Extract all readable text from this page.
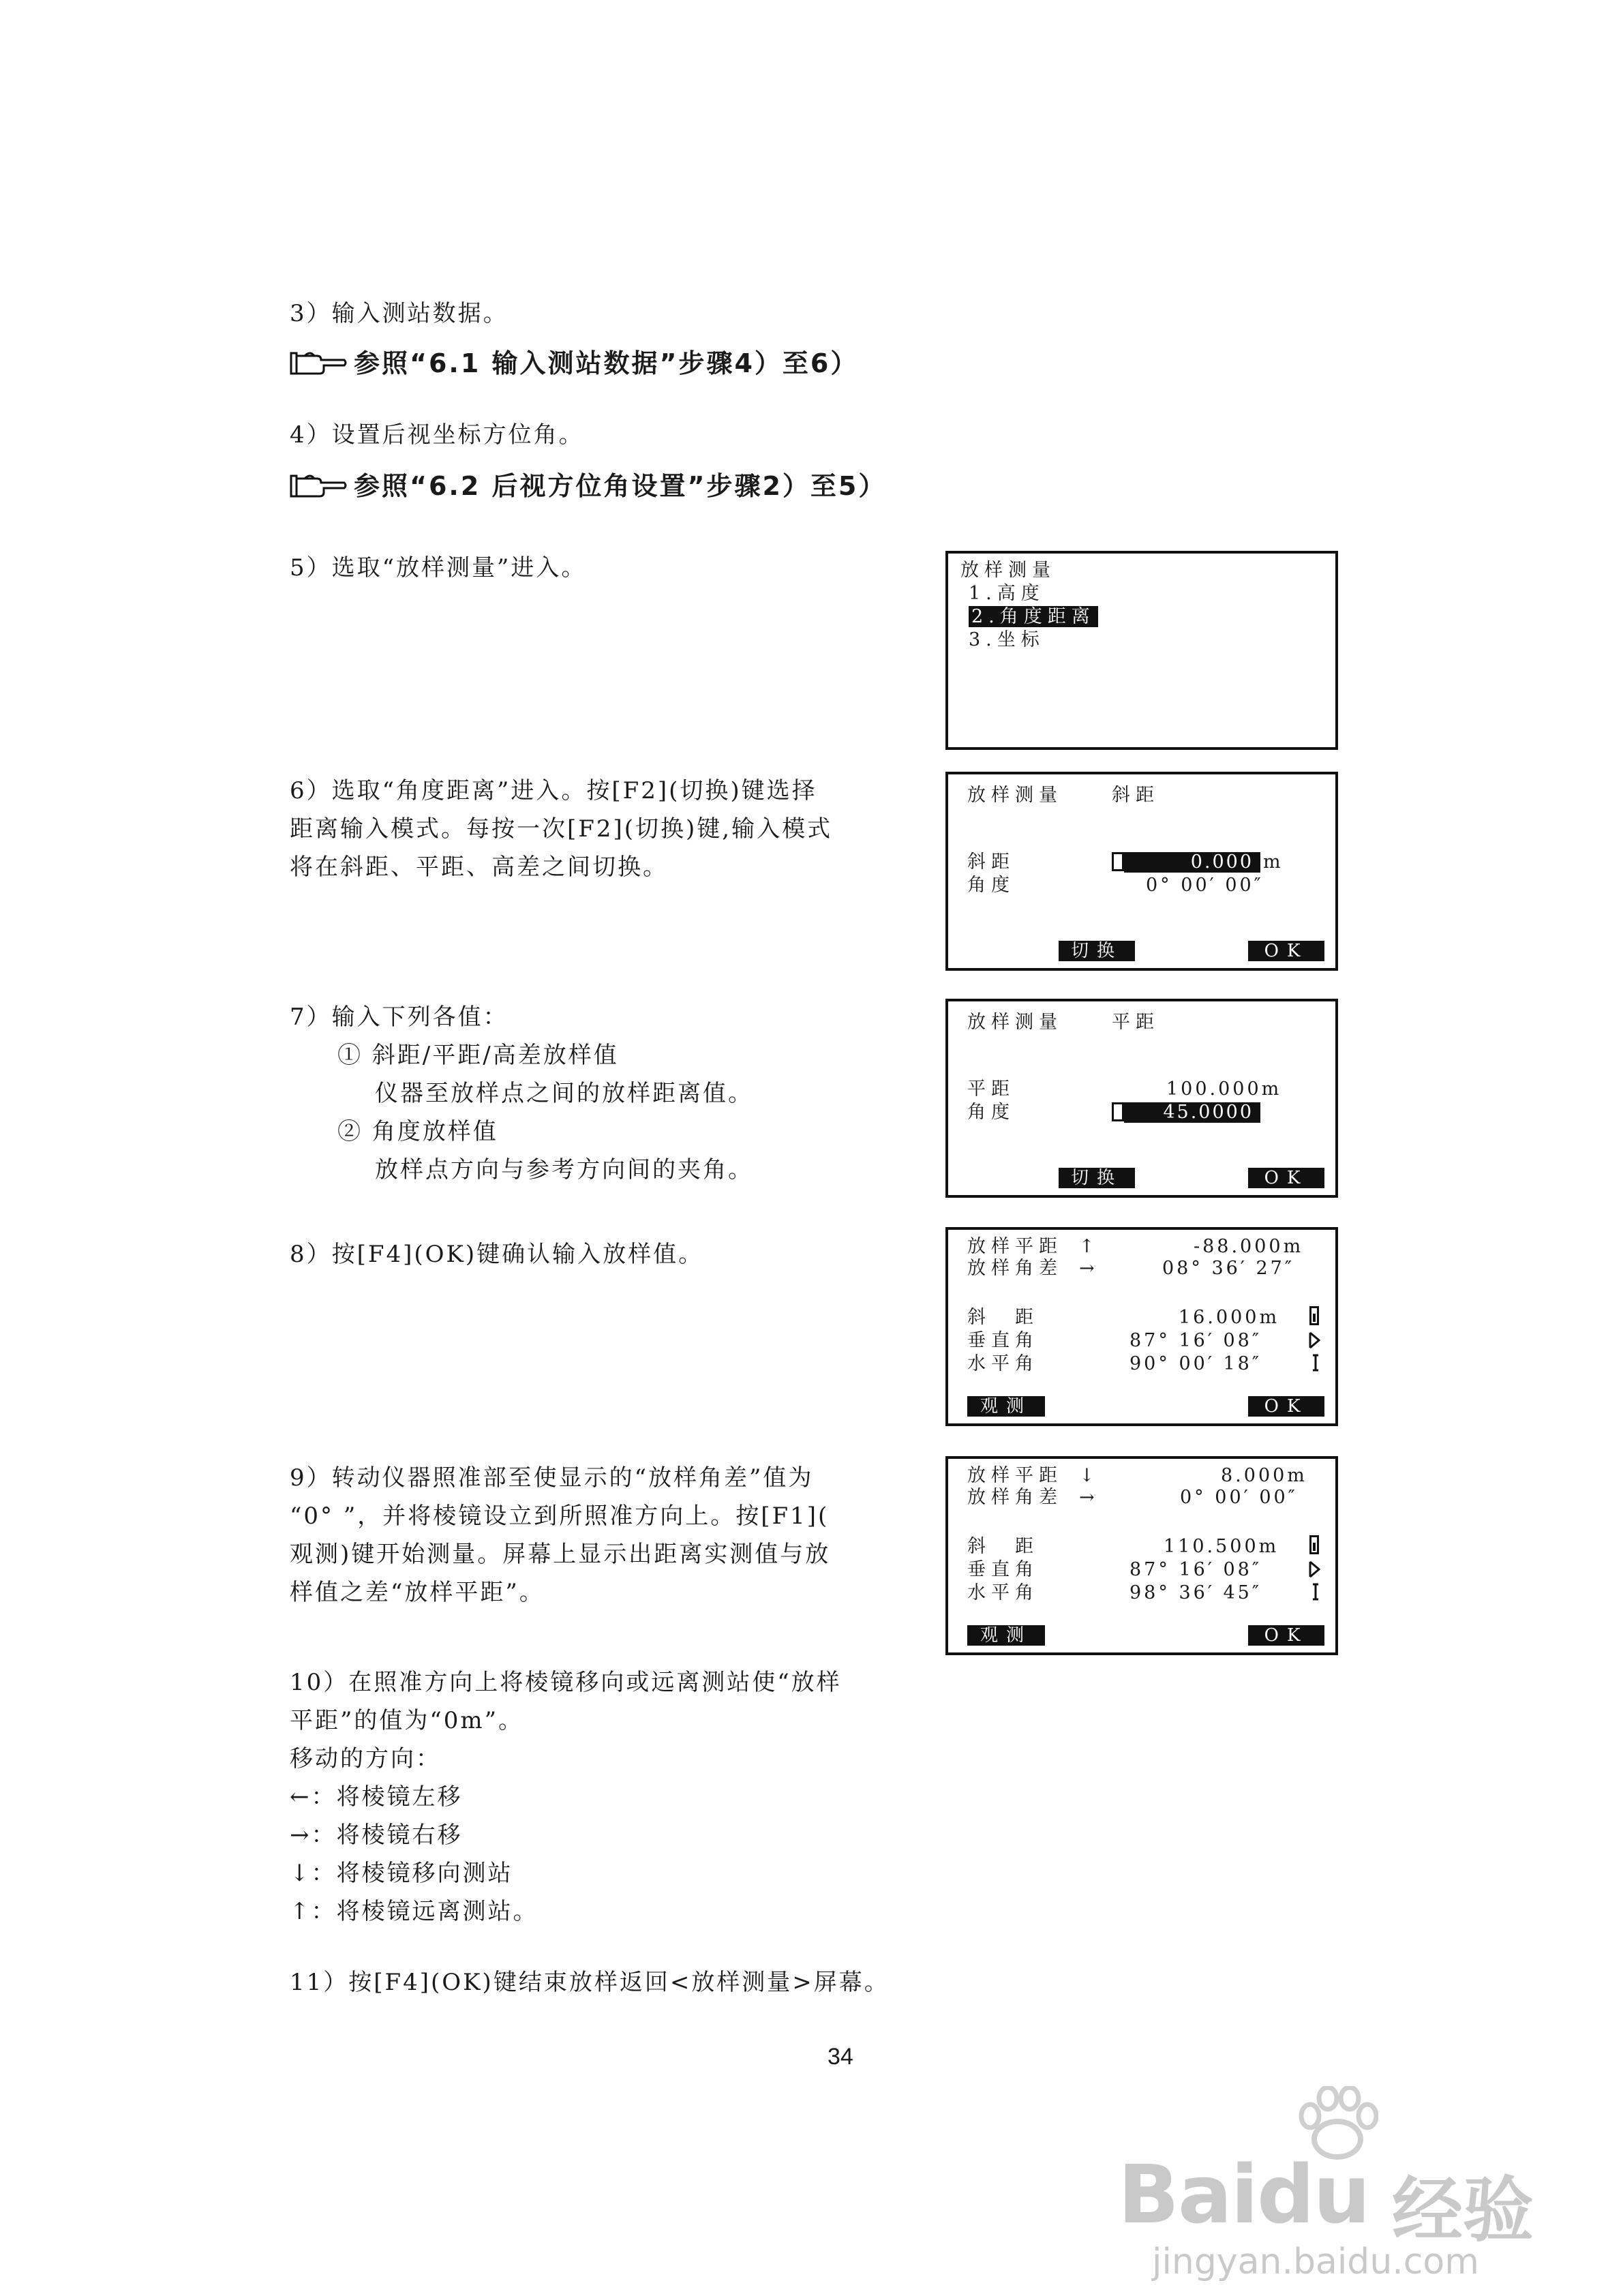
3）输入测站数据。
参照“6.1 输入测站数据”步骤4）至6）
4）设置后视坐标方位角。
参照“6.2 后视方位角设置”步骤2）至5）
5）选取“放样测量”进入。
6）选取“角度距离”进入。按[F2](切换)键选择
距离输入模式。每按一次[F2](切换)键,输入模式
将在斜距、平距、高差之间切换。
7）输入下列各值：
① 斜距/平距/高差放样值
仪器至放样点之间的放样距离值。
② 角度放样值
放样点方向与参考方向间的夹角。
8）按[F4](OK)键确认输入放样值。
9）转动仪器照准部至使显示的“放样角差”值为
“0° ”，并将棱镜设立到所照准方向上。按[F1](
观测)键开始测量。屏幕上显示出距离实测值与放
样值之差“放样平距”。
10）在照准方向上将棱镜移向或远离测站使“放样
平距”的值为“0m”。
移动的方向：
←：将棱镜左移
→：将棱镜右移
↓：将棱镜移向测站
↑：将棱镜远离测站。
11）按[F4](OK)键结束放样返回<放样测量>屏幕。
放样测量
1.高度
2.角度距离
3.坐标
放样测量	斜距
斜距	0.000 m
角度	0° 00′ 00″
切换	OK
放样测量	平距
平距	100.000m
角度	45.0000
切换	OK
放样平距 ↑	-88.000m
放样角差 →	08° 36′ 27″
斜　距	16.000m
垂直角	87° 16′ 08″
水平角	90° 00′ 18″
观测	OK
放样平距 ↓	8.000m
放样角差 →	0° 00′ 00″
斜　距	110.500m
垂直角	87° 16′ 08″
水平角	98° 36′ 45″
观测	OK
34
Baidu 经验
jingyan.baidu.com
